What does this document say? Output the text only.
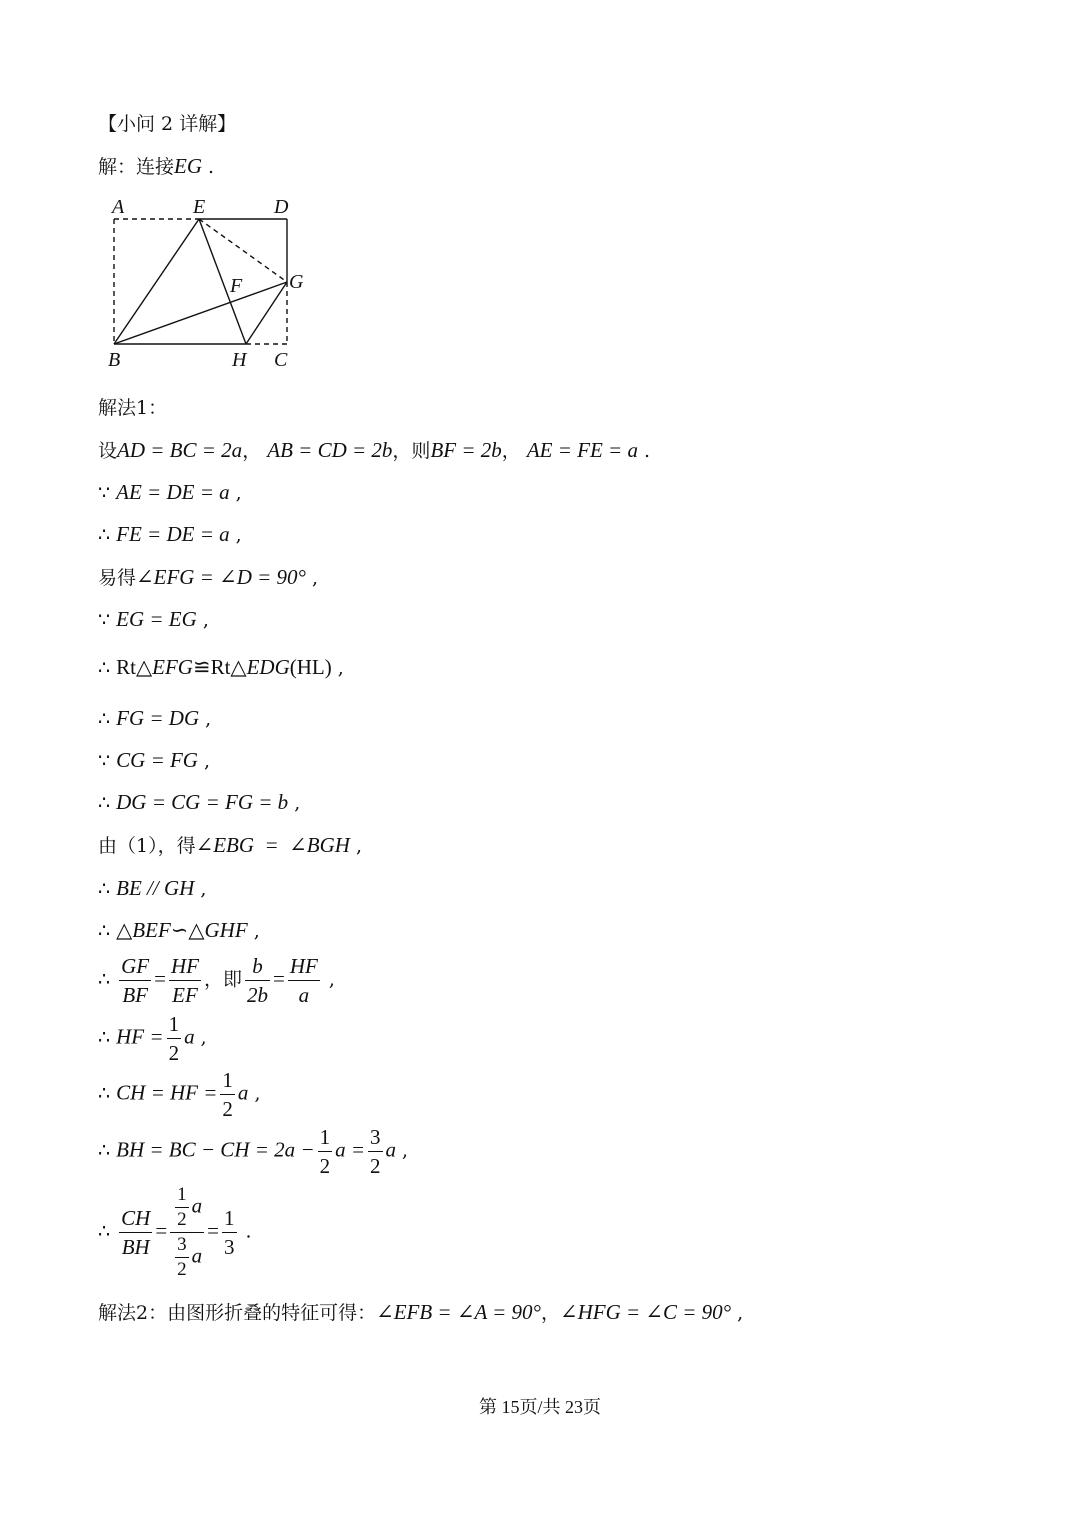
【小问 2 详解】
解：连接EG .
A	E	D
G
F
B	H C
解法1：
设AD = BC = 2a， AB = CD = 2b，则BF = 2b， AE = FE = a .
∵ AE = DE = a ,
∴ FE = DE = a ,
易得∠EFG = ∠D = 90° ,
∵ EG = EG ,
∴ Rt△EFG≌Rt△EDG(HL) ,
∴ FG = DG ,
∵ CG = FG ,
∴ DG = CG = FG = b ,
由（1），得∠EBG  =  ∠BGH ,
∴ BE // GH ,
∴ △BEF∽△GHF ,
∴ $\frac{GF}{BF} = \frac{HF}{EF}$ ，即 $\frac{b}{2b} = \frac{HF}{a}$ ,
∴ HF = $\frac{1}{2}$ a ,
∴ CH = HF = $\frac{1}{2}$ a ,
∴ BH = BC − CH = $2a - \frac{1}{2}$ $a = \frac{3}{2}$ a ,
∴ $\frac{CH}{BH} = \frac{\frac{1}{2} a}{\frac{3}{2} a} = \frac{1}{3}$ .
解法2：由图形折叠的特征可得：∠EFB = ∠A = 90°，∠HFG = ∠C = 90° ,
第 15页/共 23页
